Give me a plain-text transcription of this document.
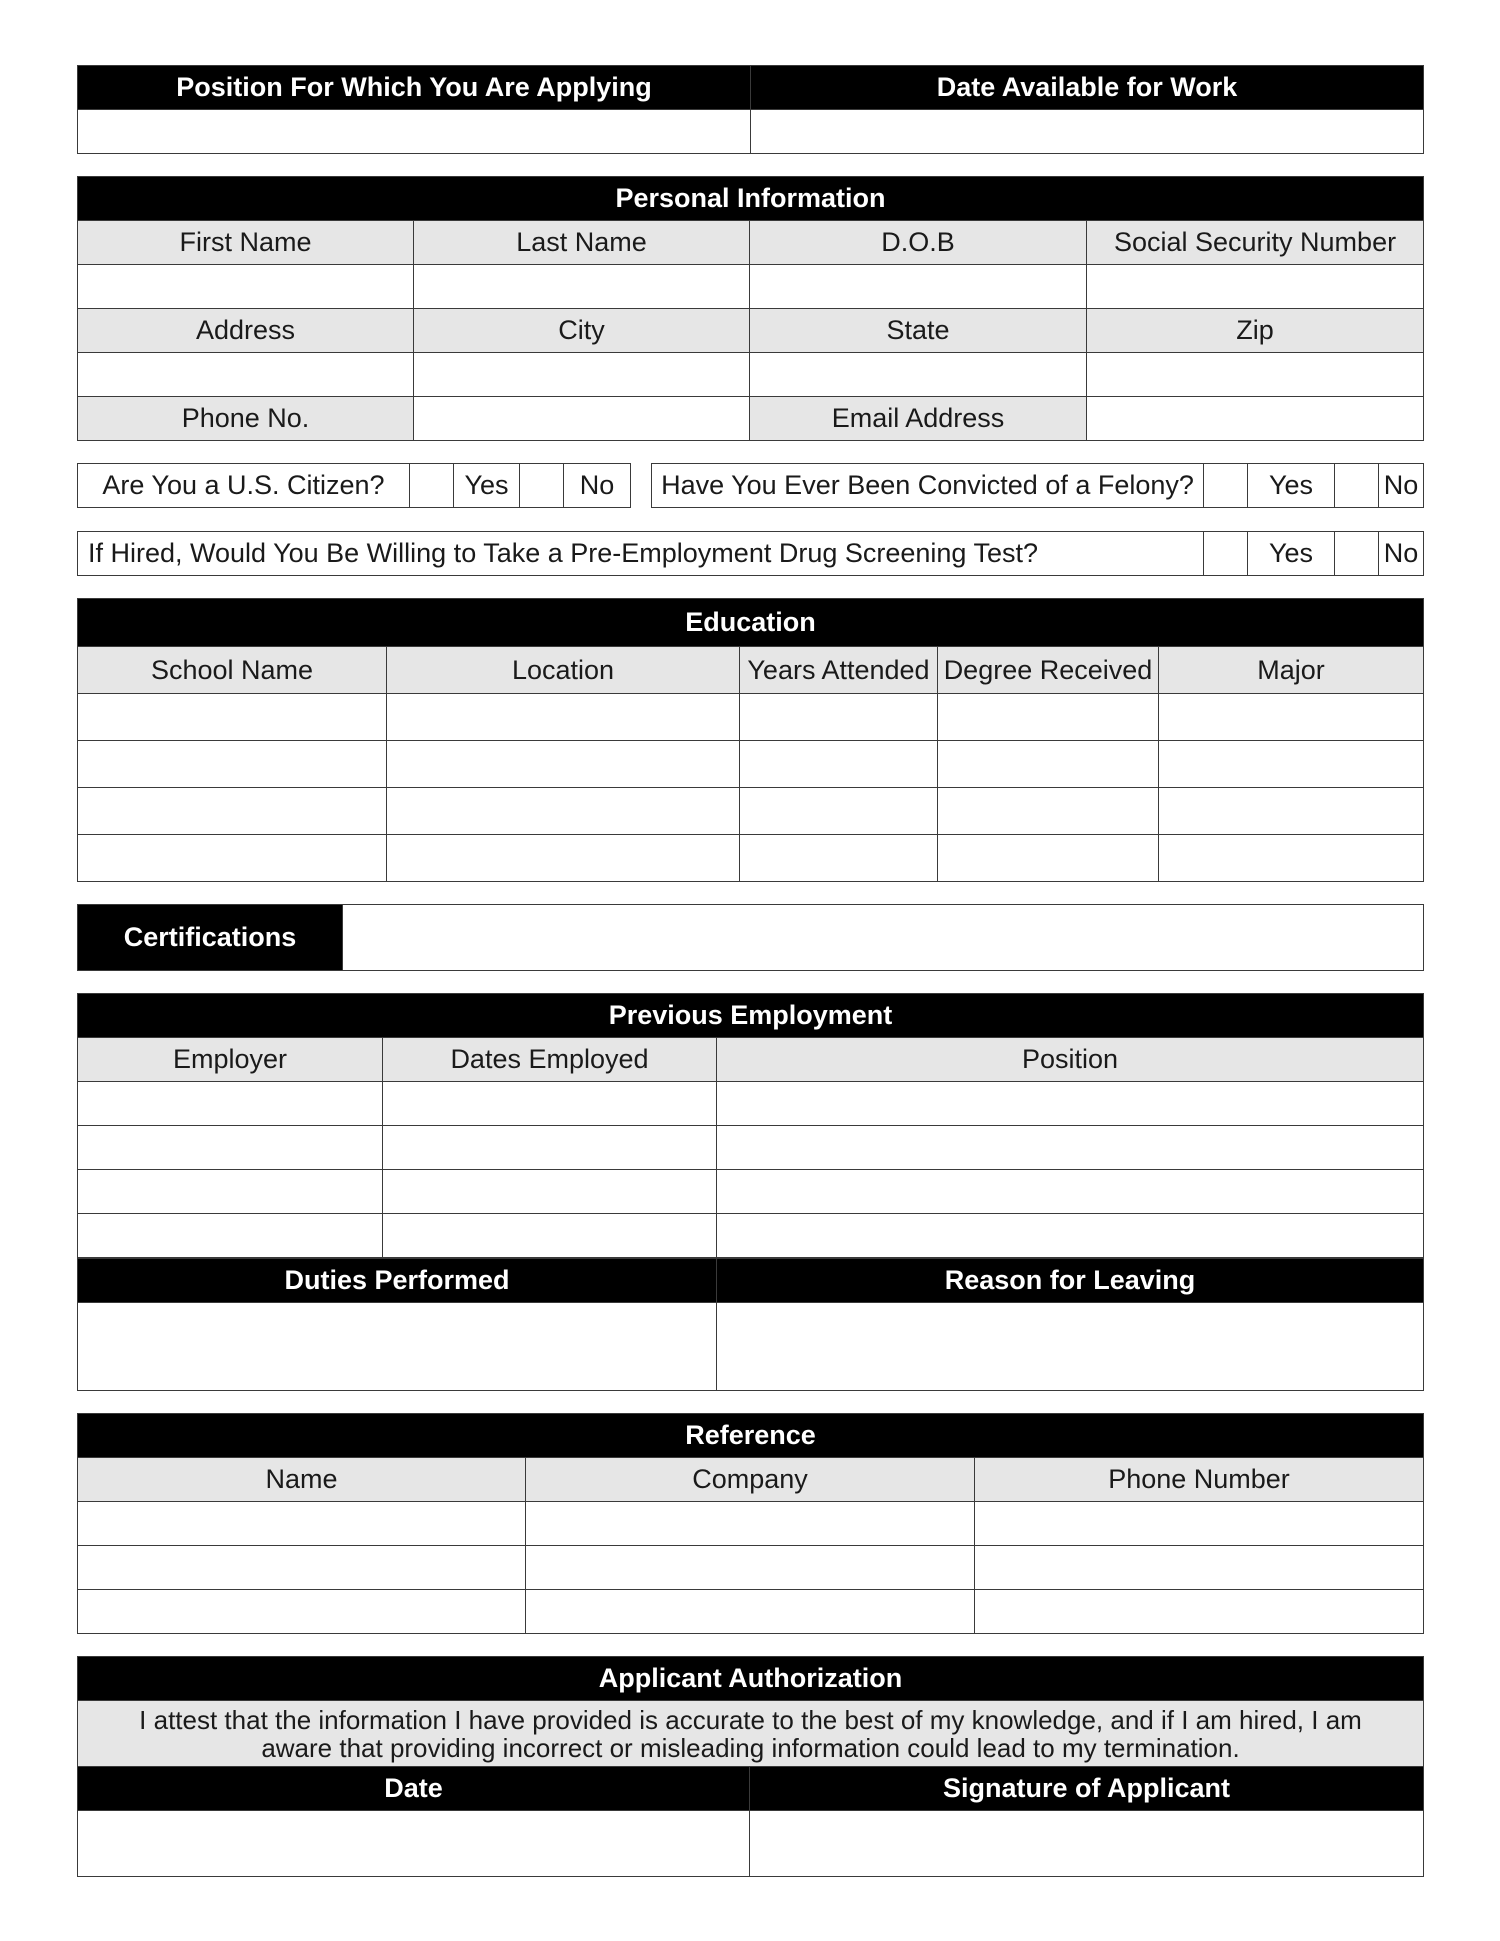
Position For Which You Are Applying	Date Available for Work

Personal Information			
First Name	Last Name	D.O.B	Social Security Number

Address	City	State	Zip

Phone No.		Email Address	
Are You a U.S. Citizen?		Yes		No Have You Ever Been Convicted of a Felony?		Yes		No
If Hired, Would You Be Willing to Take a Pre-Employment Drug Screening Test?		Yes		No
Education				
School Name	Location	Years Attended	Degree Received	Major

Certifications	
Previous Employment		
Employer	Dates Employed	Position

Duties Performed	Reason for Leaving

Reference		
Name	Company	Phone Number

Applicant Authorization	

I attest that the information I have provided is accurate to the best of my knowledge, and if I am hired, I am
aware that providing incorrect or misleading information could lead to my termination.	

Date	Signature of Applicant
